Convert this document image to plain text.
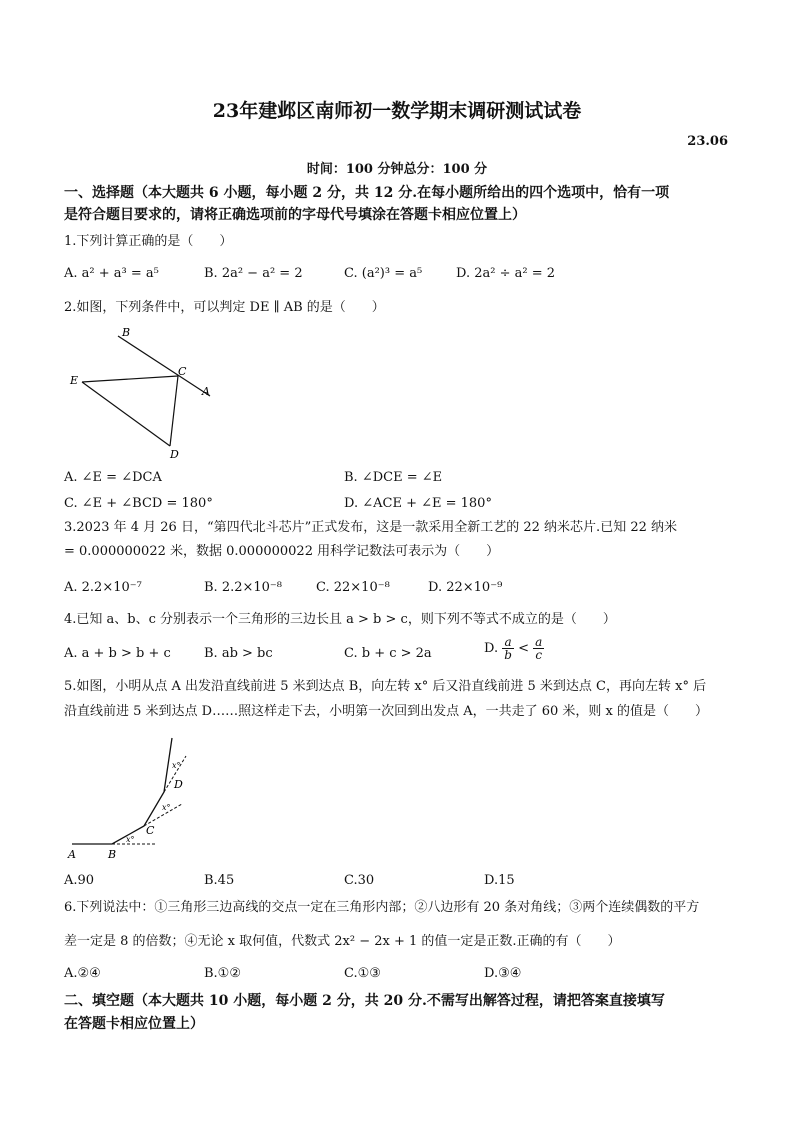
23年建邺区南师初一数学期末调研测试试卷
23.06
时间：100 分钟总分：100 分
一、选择题（本大题共 6 小题，每小题 2 分，共 12 分.在每小题所给出的四个选项中，恰有一项
是符合题目要求的，请将正确选项前的字母代号填涂在答题卡相应位置上）
1.下列计算正确的是（　　）
A. a² + a³ = a⁵	B. 2a² − a² = 2	C. (a²)³ = a⁵	D. 2a² ÷ a² = 2
2.如图，下列条件中，可以判定 DE ∥ AB 的是（　　）
B
E
C
A
D
A. ∠E = ∠DCA	B. ∠DCE = ∠E
C. ∠E + ∠BCD = 180°	D. ∠ACE + ∠E = 180°
3.2023 年 4 月 26 日，“第四代北斗芯片”正式发布，这是一款采用全新工艺的 22 纳米芯片.已知 22 纳米
= 0.000000022 米，数据 0.000000022 用科学记数法可表示为（　　）
A. 2.2×10⁻⁷	B. 2.2×10⁻⁸	C. 22×10⁻⁸	D. 22×10⁻⁹
4.已知 a、b、c 分别表示一个三角形的三边长且 a > b > c，则下列不等式不成立的是（　　）
A. a + b > b + c	B. ab > bc	C. b + c > 2a	D. $\frac{a}{b} < \frac{a}{c}$
5.如图，小明从点 A 出发沿直线前进 5 米到达点 B，向左转 x° 后又沿直线前进 5 米到达点 C，再向左转 x° 后
沿直线前进 5 米到达点 D……照这样走下去，小明第一次回到出发点 A，一共走了 60 米，则 x 的值是（　　）
A	B
C
D
x°
x°
x°
A.90	B.45	C.30	D.15
6.下列说法中：①三角形三边高线的交点一定在三角形内部；②八边形有 20 条对角线；③两个连续偶数的平方
差一定是 8 的倍数；④无论 x 取何值，代数式 2x² − 2x + 1 的值一定是正数.正确的有（　　）
A.②④	B.①②	C.①③	D.③④
二、填空题（本大题共 10 小题，每小题 2 分，共 20 分.不需写出解答过程，请把答案直接填写
在答题卡相应位置上）
